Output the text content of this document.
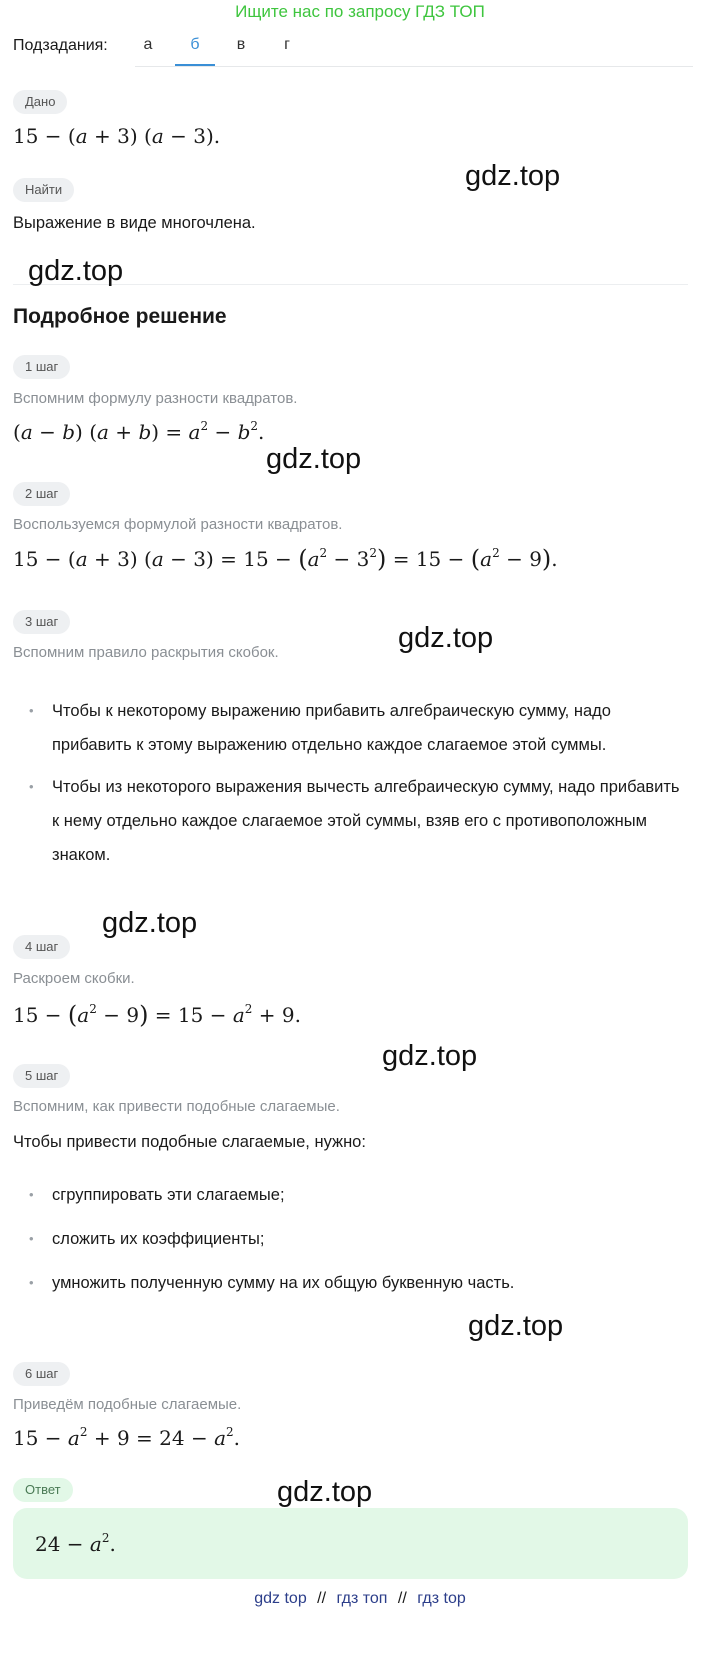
Ищите нас по запросу ГДЗ ТОП
Подзадания:	а	б	в	г
Дано
15 − (a + 3) (a − 3).
Найти
Выражение в виде многочлена.
Подробное решение
1 шаг
Вспомним формулу разности квадратов.
(a − b) $(a + b) = a^2 - b^2$.
2 шаг
Воспользуемся формулой разности квадратов.
15 − (a + 3) $(a - 3) = 15 - (a^2 - 3^2) = 15 - (a^2 - 9)$.
3 шаг
Вспомним правило раскрытия скобок.
• Чтобы к некоторому выражению прибавить алгебраическую сумму, надо прибавить к этому выражению отдельно каждое слагаемое этой суммы.
• Чтобы из некоторого выражения вычесть алгебраическую сумму, надо прибавить к нему отдельно каждое слагаемое этой суммы, взяв его с противоположным знаком.
4 шаг
Раскроем скобки.
$15 - (a^2 - 9) = 15 - a^2 + 9$.
5 шаг
Вспомним, как привести подобные слагаемые.
Чтобы привести подобные слагаемые, нужно:
• сгруппировать эти слагаемые;
• сложить их коэффициенты;
• умножить полученную сумму на их общую буквенную часть.
6 шаг
Приведём подобные слагаемые.
$15 - a^2 + 9 = 24 - a^2$.
Ответ
$24 - a^2$.
gdz.top
gdz.top
gdz.top
gdz.top
gdz.top
gdz.top
gdz.top
gdz.top
gdz top // гдз топ // гдз top
